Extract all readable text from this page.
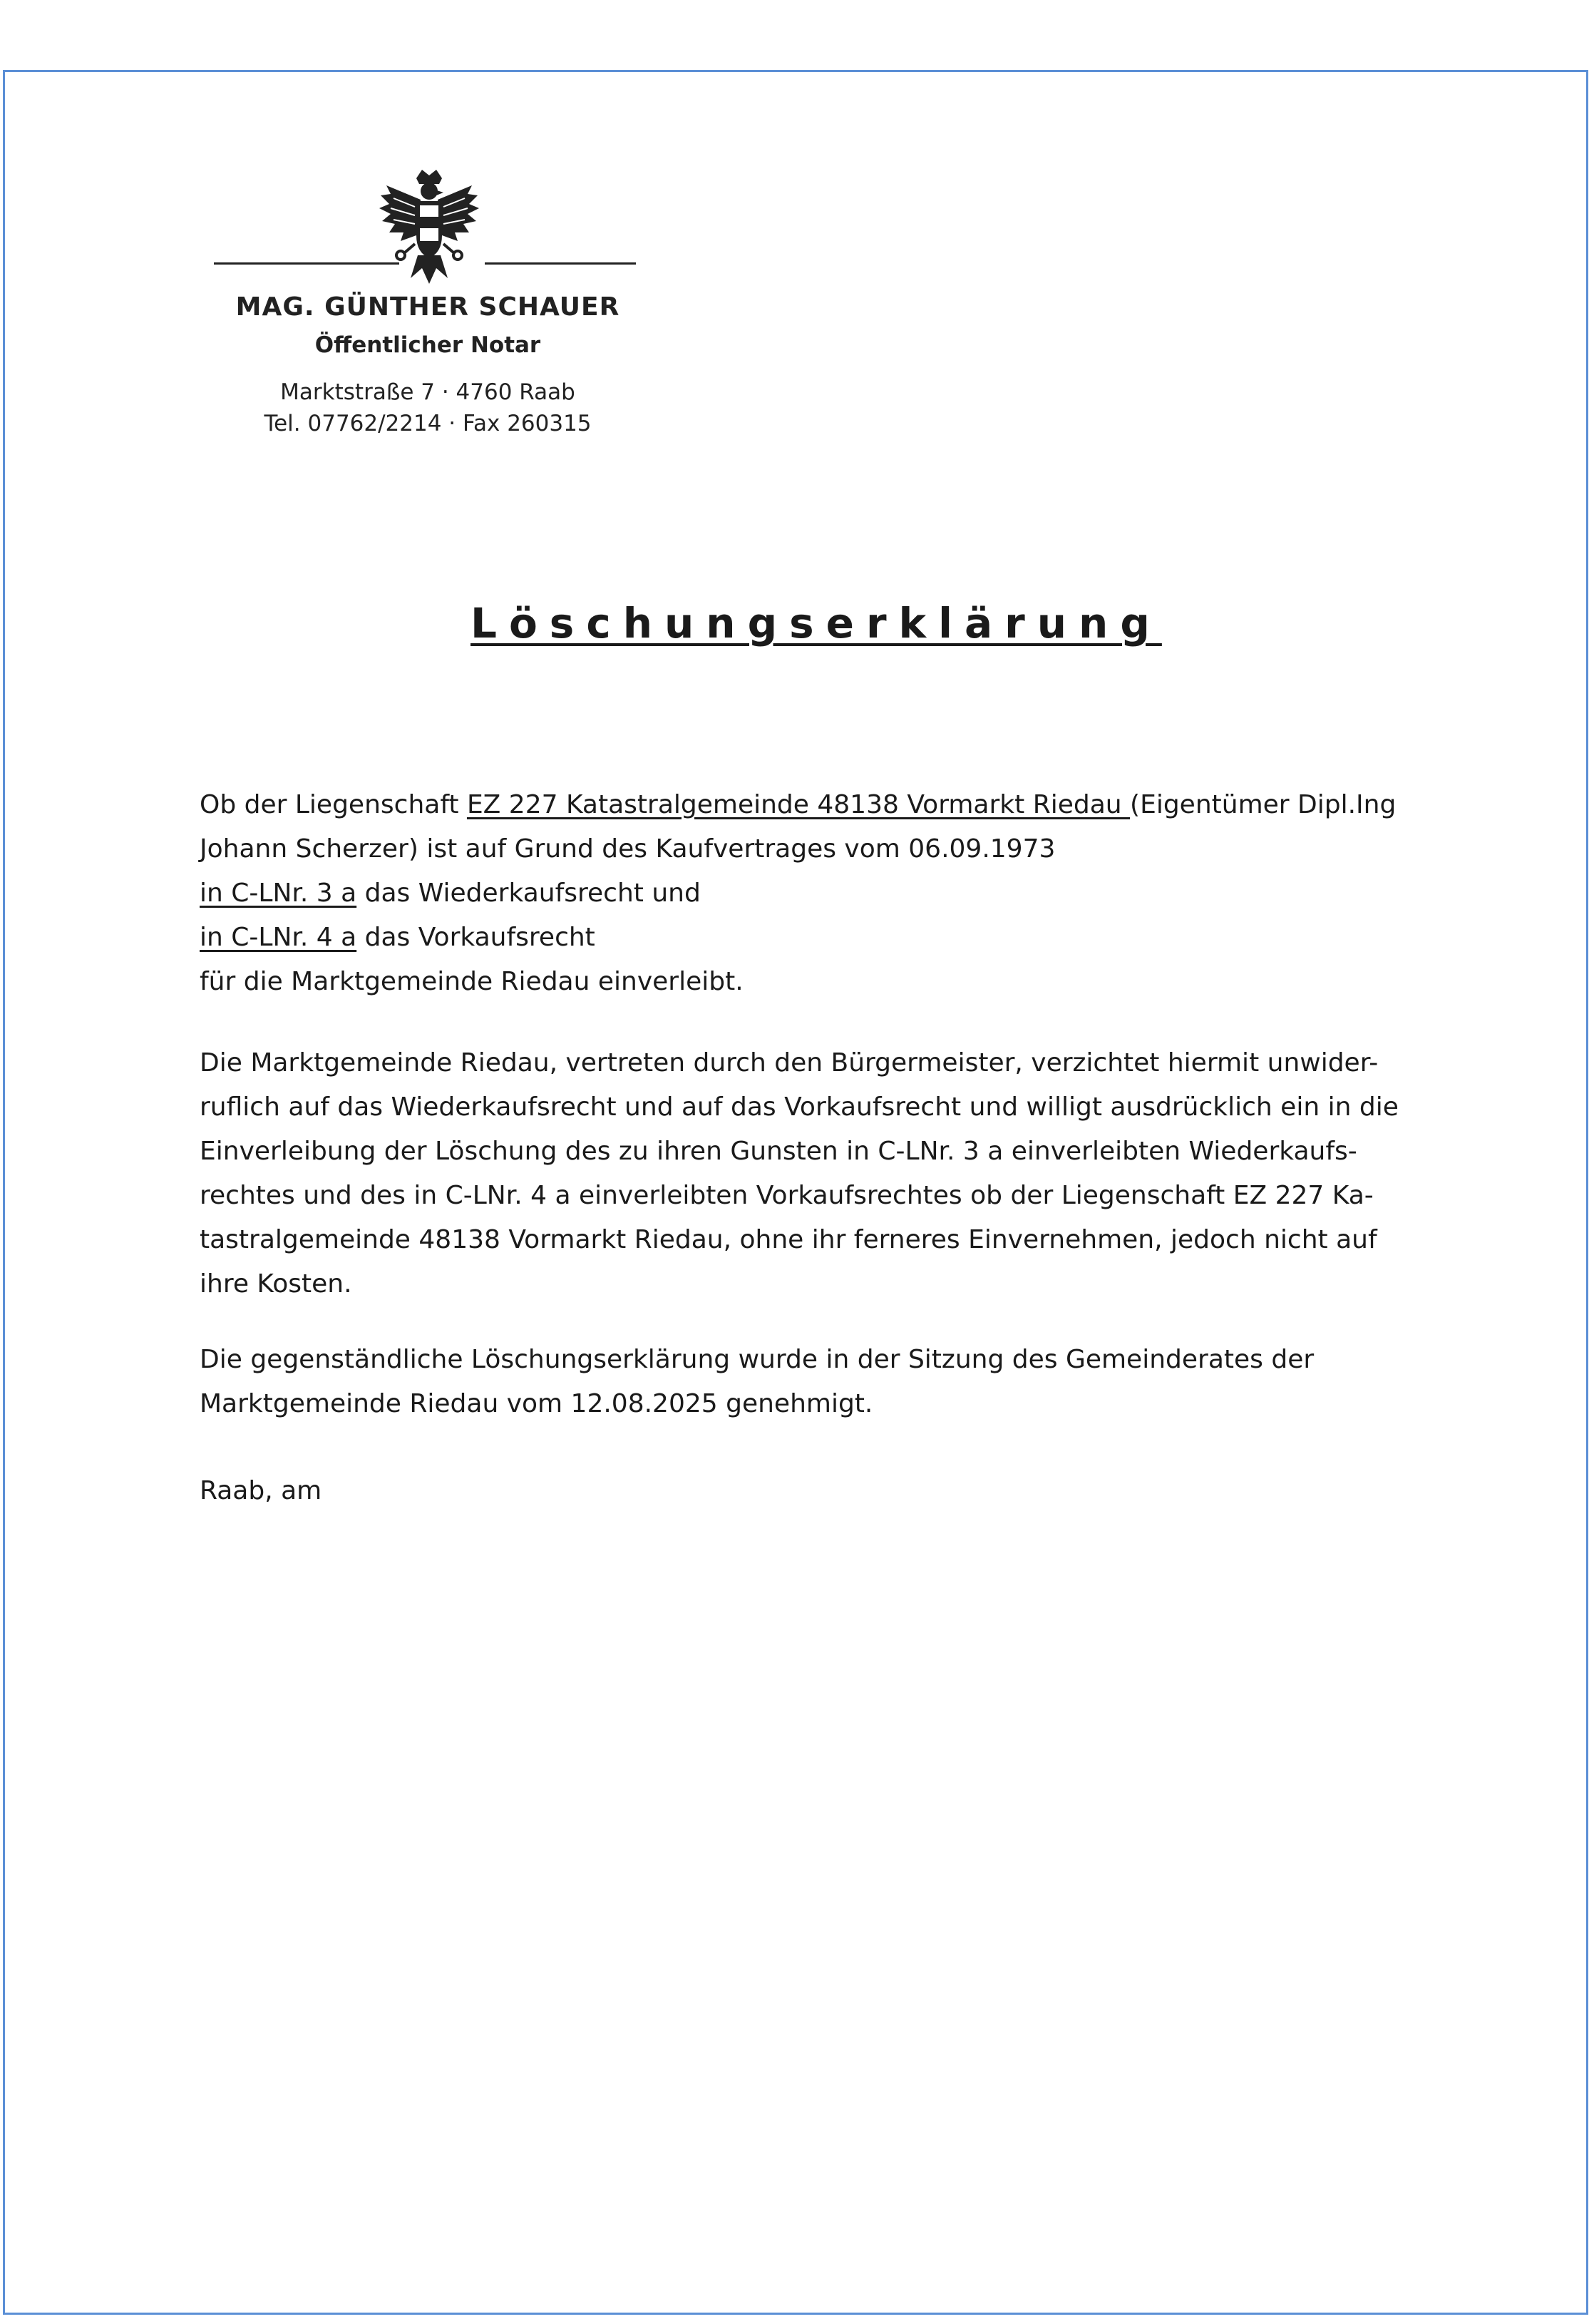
MAG. GÜNTHER SCHAUER
Öffentlicher Notar
Marktstraße 7 · 4760 Raab
Tel. 07762/2214 · Fax 260315
Löschungserklärung
Ob der Liegenschaft EZ 227 Katastralgemeinde 48138 Vormarkt Riedau (Eigentümer Dipl.Ing
Johann Scherzer) ist auf Grund des Kaufvertrages vom 06.09.1973
in C-LNr. 3 a das Wiederkaufsrecht und
in C-LNr. 4 a das Vorkaufsrecht
für die Marktgemeinde Riedau einverleibt.
Die Marktgemeinde Riedau, vertreten durch den Bürgermeister, verzichtet hiermit unwider-
ruflich auf das Wiederkaufsrecht und auf das Vorkaufsrecht und willigt ausdrücklich ein in die
Einverleibung der Löschung des zu ihren Gunsten in C-LNr. 3 a einverleibten Wiederkaufs-
rechtes und des in C-LNr. 4 a einverleibten Vorkaufsrechtes ob der Liegenschaft EZ 227 Ka-
tastralgemeinde 48138 Vormarkt Riedau, ohne ihr ferneres Einvernehmen, jedoch nicht auf
ihre Kosten.
Die gegenständliche Löschungserklärung wurde in der Sitzung des Gemeinderates der
Marktgemeinde Riedau vom 12.08.2025 genehmigt.
Raab, am
